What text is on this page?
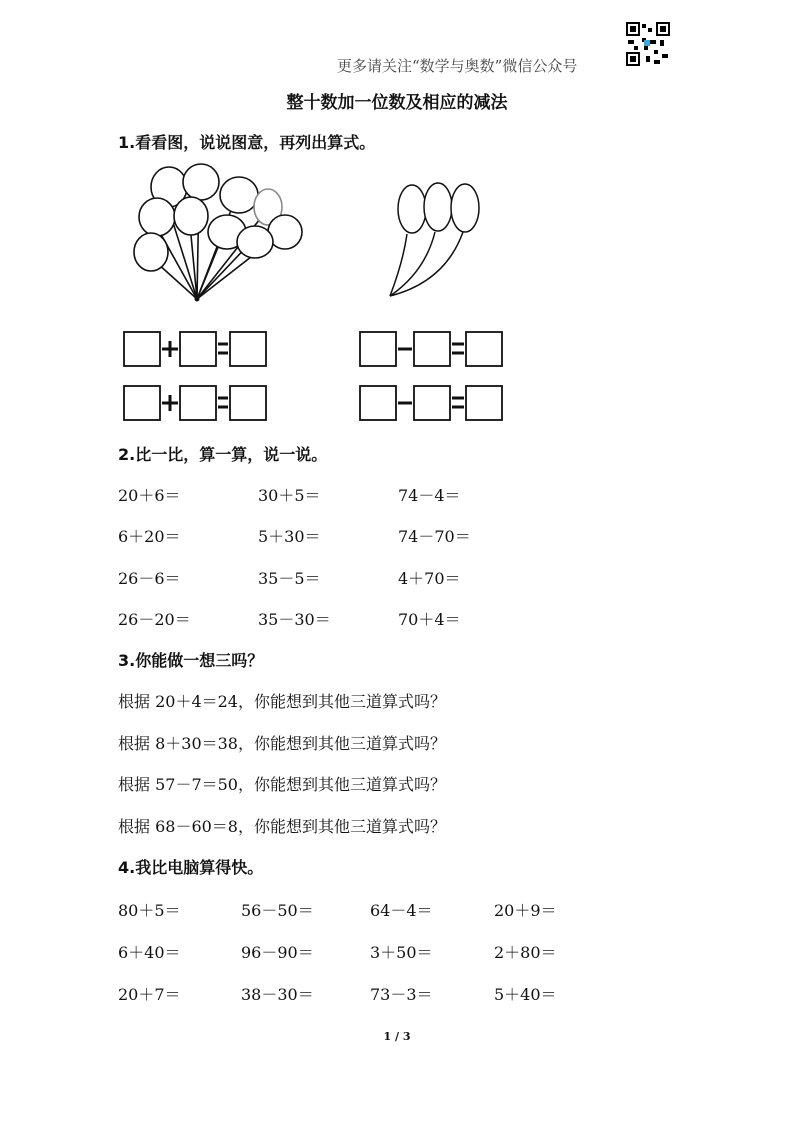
更多请关注“数学与奥数”微信公众号
整十数加一位数及相应的减法
1.看看图，说说图意，再列出算式。
2.比一比，算一算，说一说。
20＋6＝	30＋5＝	74－4＝
6＋20＝	5＋30＝	74－70＝
26－6＝	35－5＝	4＋70＝
26－20＝	35－30＝	70＋4＝
3.你能做一想三吗？
根据 20＋4＝24，你能想到其他三道算式吗？
根据 8＋30＝38，你能想到其他三道算式吗？
根据 57－7＝50，你能想到其他三道算式吗？
根据 68－60＝8，你能想到其他三道算式吗？
4.我比电脑算得快。
80＋5＝	56－50＝	64－4＝	20＋9＝
6＋40＝	96－90＝	3＋50＝	2＋80＝
20＋7＝	38－30＝	73－3＝	5＋40＝
1 / 3
